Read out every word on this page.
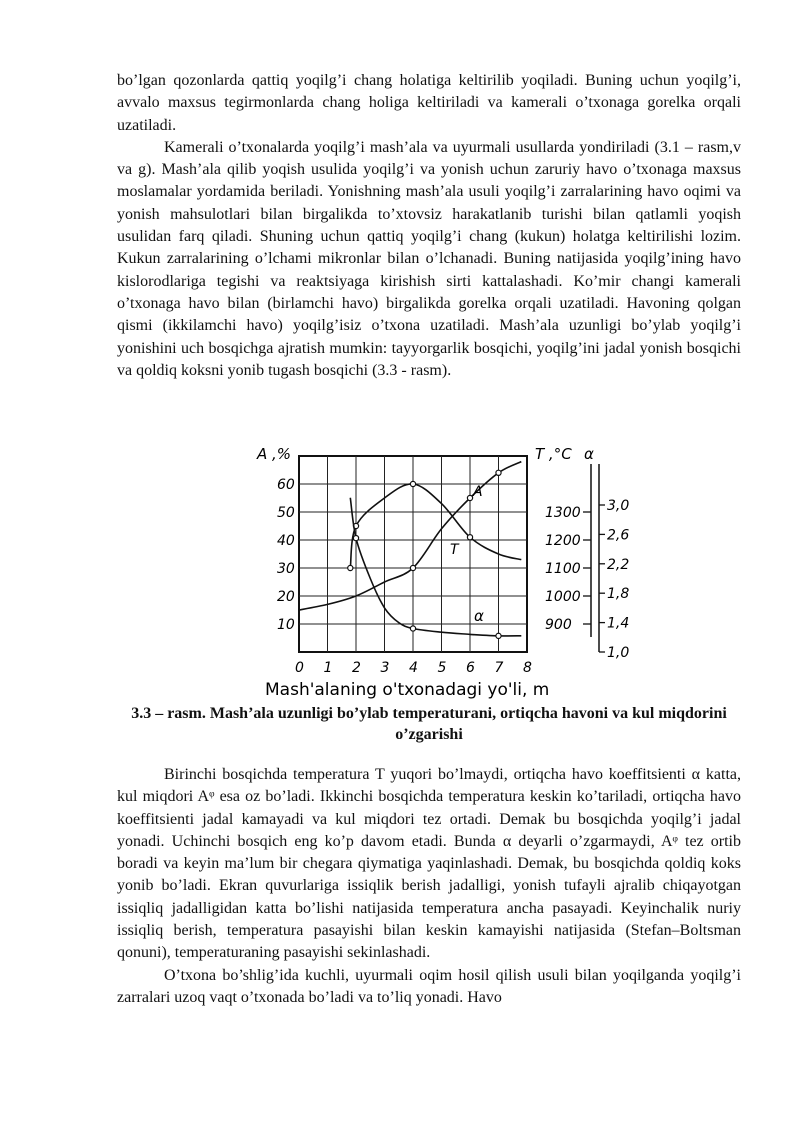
bo’lgan qozonlarda qattiq yoqilg’i chang holatiga keltirilib yoqiladi. Buning uchun yoqilg’i, avvalo maxsus tegirmonlarda chang holiga keltiriladi va kamerali o’txonaga gorelka orqali uzatiladi.

Kamerali o’txonalarda yoqilg’i mash’ala va uyurmali usullarda yondiriladi (3.1 – rasm,v va g). Mash’ala qilib yoqish usulida yoqilg’i va yonish uchun zaruriy havo o’txonaga maxsus moslamalar yordamida beriladi. Yonishning mash’ala usuli yoqilg’i zarralarining havo oqimi va yonish mahsulotlari bilan birgalikda to’xtovsiz harakatlanib turishi bilan qatlamli yoqish usulidan farq qiladi. Shuning uchun qattiq yoqilg’i chang (kukun) holatga keltirilishi lozim. Kukun zarralarining o’lchami mikronlar bilan o’lchanadi. Buning natijasida yoqilg’ining havo kislorodlariga tegishi va reaktsiyaga kirishish sirti kattalashadi. Ko’mir changi kamerali o’txonaga havo bilan (birlamchi havo) birgalikda gorelka orqali uzatiladi. Havoning qolgan qismi (ikkilamchi havo) yoqilg’isiz o’txona uzatiladi. Mash’ala uzunligi bo’ylab yoqilg’i yonishini uch bosqichga ajratish mumkin: tayyorgarlik bosqichi, yoqilg’ini jadal yonish bosqichi va qoldiq koksni yonib tugash bosqichi (3.3 - rasm).

0 1 2 3 4 5 6 7 8
10
20
30
40
50
60
900
1000
1100
1200
1300
1,0
1,4
1,8
2,2
2,6
3,0
A ,%	T ,°C α
Mash'alaning o'txonadagi yo'li, m
A
T
α
3.3 – rasm. Mash’ala uzunligi bo’ylab temperaturani, ortiqcha havoni va kul miqdorini o’zgarishi

Birinchi bosqichda temperatura T yuqori bo’lmaydi, ortiqcha havo koeffitsienti α katta, kul miqdori Aᵠ esa oz bo’ladi. Ikkinchi bosqichda temperatura keskin ko’tariladi, ortiqcha havo koeffitsienti jadal kamayadi va kul miqdori tez ortadi. Demak bu bosqichda yoqilg’i jadal yonadi. Uchinchi bosqich eng ko’p davom etadi. Bunda α deyarli o’zgarmaydi, Aᵠ tez ortib boradi va keyin ma’lum bir chegara qiymatiga yaqinlashadi. Demak, bu bosqichda qoldiq koks yonib bo’ladi. Ekran quvurlariga issiqlik berish jadalligi, yonish tufayli ajralib chiqayotgan issiqliq jadalligidan katta bo’lishi natijasida temperatura ancha pasayadi. Keyinchalik nuriy issiqliq berish, temperatura pasayishi bilan keskin kamayishi natijasida (Stefan–Boltsman qonuni), temperaturaning pasayishi sekinlashadi.

O’txona bo’shlig’ida kuchli, uyurmali oqim hosil qilish usuli bilan yoqilganda yoqilg’i zarralari uzoq vaqt o’txonada bo’ladi va to’liq yonadi. Havo
